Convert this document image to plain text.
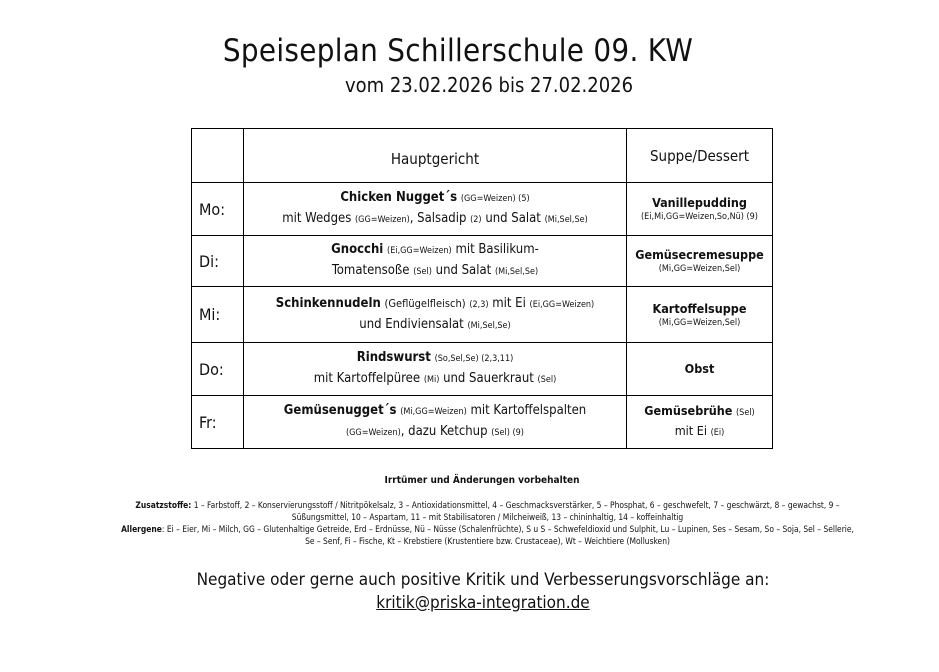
Speiseplan Schillerschule 09. KW
vom 23.02.2026 bis 27.02.2026
	Hauptgericht	Suppe/Dessert
Mo:	Chicken Nugget´s (GG=Weizen) (5)
mit Wedges (GG=Weizen), Salsadip (2) und Salat (Mi,Sel,Se)	Vanillepudding
(Ei,Mi,GG=Weizen,So,Nü) (9)

Di:	Gnocchi (Ei,GG=Weizen) mit Basilikum-
Tomatensoße (Sel) und Salat (Mi,Sel,Se)	Gemüsecremesuppe
(Mi,GG=Weizen,Sel)

Mi:	Schinkennudeln (Geflügelfleisch) (2,3) mit Ei (Ei,GG=Weizen)
und Endiviensalat (Mi,Sel,Se)	Kartoffelsuppe
(Mi,GG=Weizen,Sel)

Do:	Rindswurst (So,Sel,Se) (2,3,11)
mit Kartoffelpüree (Mi) und Sauerkraut (Sel)	Obst

Fr:	Gemüsenugget´s (Mi,GG=Weizen) mit Kartoffelspalten
(GG=Weizen), dazu Ketchup (Sel) (9)	Gemüsebrühe (Sel)
mit Ei (Ei)
Irrtümer und Änderungen vorbehalten
Zusatzstoffe: 1 – Farbstoff, 2 – Konservierungsstoff / Nitritpökelsalz, 3 – Antioxidationsmittel, 4 – Geschmacksverstärker, 5 – Phosphat, 6 – geschwefelt, 7 – geschwärzt, 8 – gewachst, 9 – Süßungsmittel, 10 – Aspartam, 11 – mit Stabilisatoren / Milcheiweiß, 13 – chininhaltig, 14 – koffeinhaltig
Allergene: Ei – Eier, Mi – Milch, GG – Glutenhaltige Getreide, Erd – Erdnüsse, Nü – Nüsse (Schalenfrüchte), S u S – Schwefeldioxid und Sulphit, Lu – Lupinen, Ses – Sesam, So – Soja, Sel – Sellerie, Se – Senf, Fi – Fische, Kt – Krebstiere (Krustentiere bzw. Crustaceae), Wt – Weichtiere (Mollusken)
Negative oder gerne auch positive Kritik und Verbesserungsvorschläge an:
kritik@priska-integration.de
